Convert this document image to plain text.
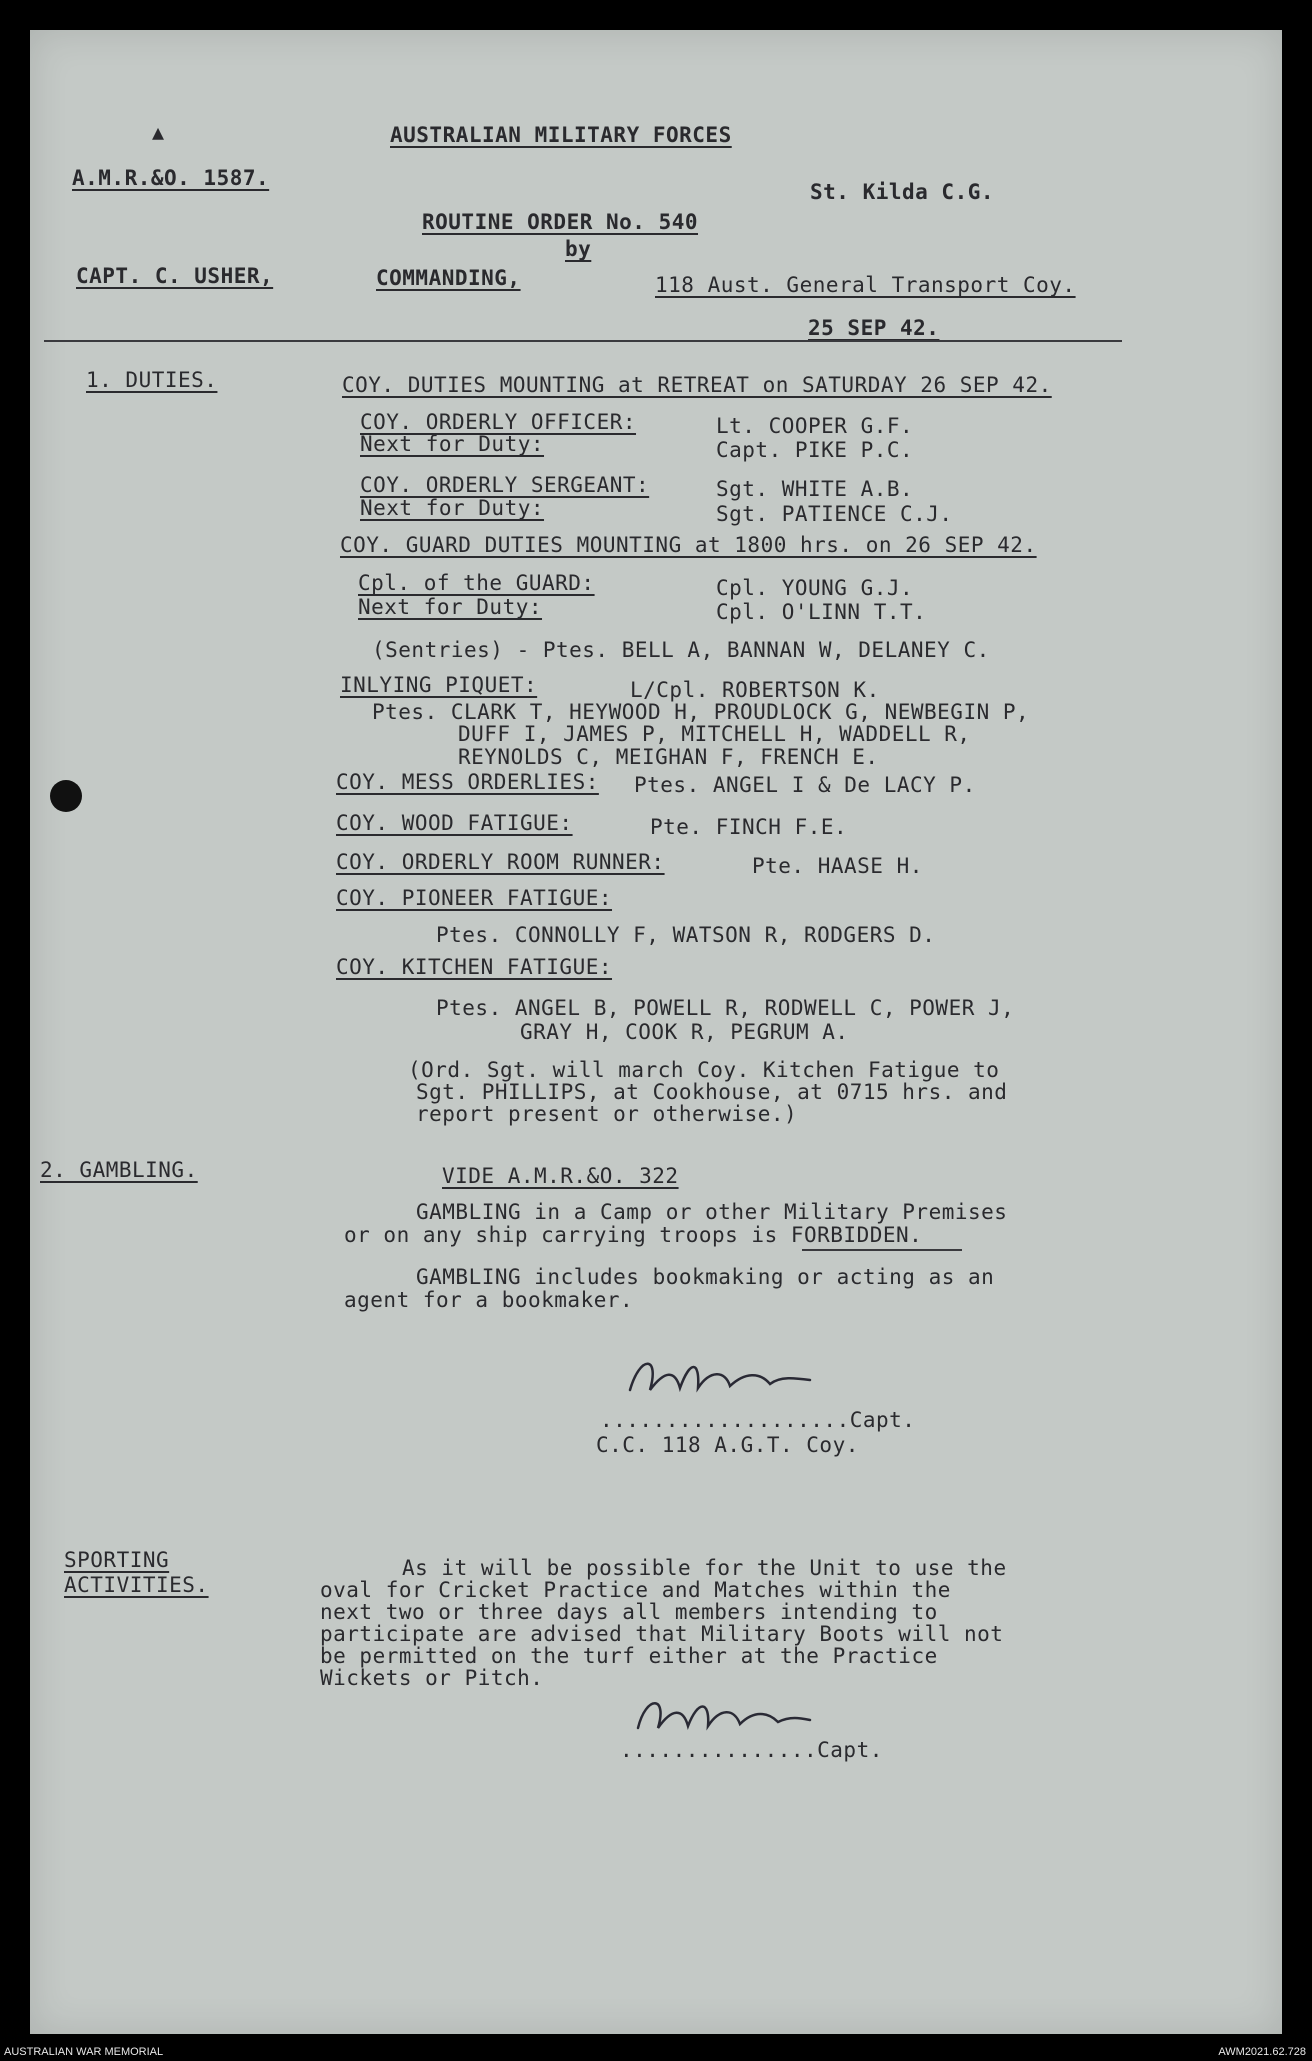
AUSTRALIAN MILITARY FORCES
▲
A.M.R.&O. 1587.
St. Kilda C.G.
ROUTINE ORDER No. 540
by
CAPT. C. USHER,	COMMANDING,	118 Aust. General Transport Coy.
25 SEP 42.
1. DUTIES.	COY. DUTIES MOUNTING at RETREAT on SATURDAY 26 SEP 42.
COY. ORDERLY OFFICER:	Lt. COOPER G.F.
Next for Duty:	Capt. PIKE P.C.
COY. ORDERLY SERGEANT:	Sgt. WHITE A.B.
Next for Duty:	Sgt. PATIENCE C.J.
COY. GUARD DUTIES MOUNTING at 1800 hrs. on 26 SEP 42.
Cpl. of the GUARD:	Cpl. YOUNG G.J.
Next for Duty:	Cpl. O'LINN T.T.
(Sentries) - Ptes. BELL A, BANNAN W, DELANEY C.
INLYING PIQUET:	L/Cpl. ROBERTSON K.
Ptes. CLARK T, HEYWOOD H, PROUDLOCK G, NEWBEGIN P,
DUFF I, JAMES P, MITCHELL H, WADDELL R,
REYNOLDS C, MEIGHAN F, FRENCH E.
COY. MESS ORDERLIES: Ptes. ANGEL I & De LACY P.
COY. WOOD FATIGUE:	Pte. FINCH F.E.
COY. ORDERLY ROOM RUNNER:	Pte. HAASE H.
COY. PIONEER FATIGUE:
Ptes. CONNOLLY F, WATSON R, RODGERS D.
COY. KITCHEN FATIGUE:
Ptes. ANGEL B, POWELL R, RODWELL C, POWER J,
GRAY H, COOK R, PEGRUM A.
(Ord. Sgt. will march Coy. Kitchen Fatigue to
Sgt. PHILLIPS, at Cookhouse, at 0715 hrs. and
report present or otherwise.)
2. GAMBLING.	VIDE A.M.R.&O. 322
GAMBLING in a Camp or other Military Premises
or on any ship carrying troops is FORBIDDEN.
GAMBLING includes bookmaking or acting as an
agent for a bookmaker.
...................Capt.
C.C. 118 A.G.T. Coy.
SPORTING
ACTIVITIES.
As it will be possible for the Unit to use the
oval for Cricket Practice and Matches within the
next two or three days all members intending to
participate are advised that Military Boots will not
be permitted on the turf either at the Practice
Wickets or Pitch.
...............Capt.
AUSTRALIAN WAR MEMORIAL	AWM2021.62.728
